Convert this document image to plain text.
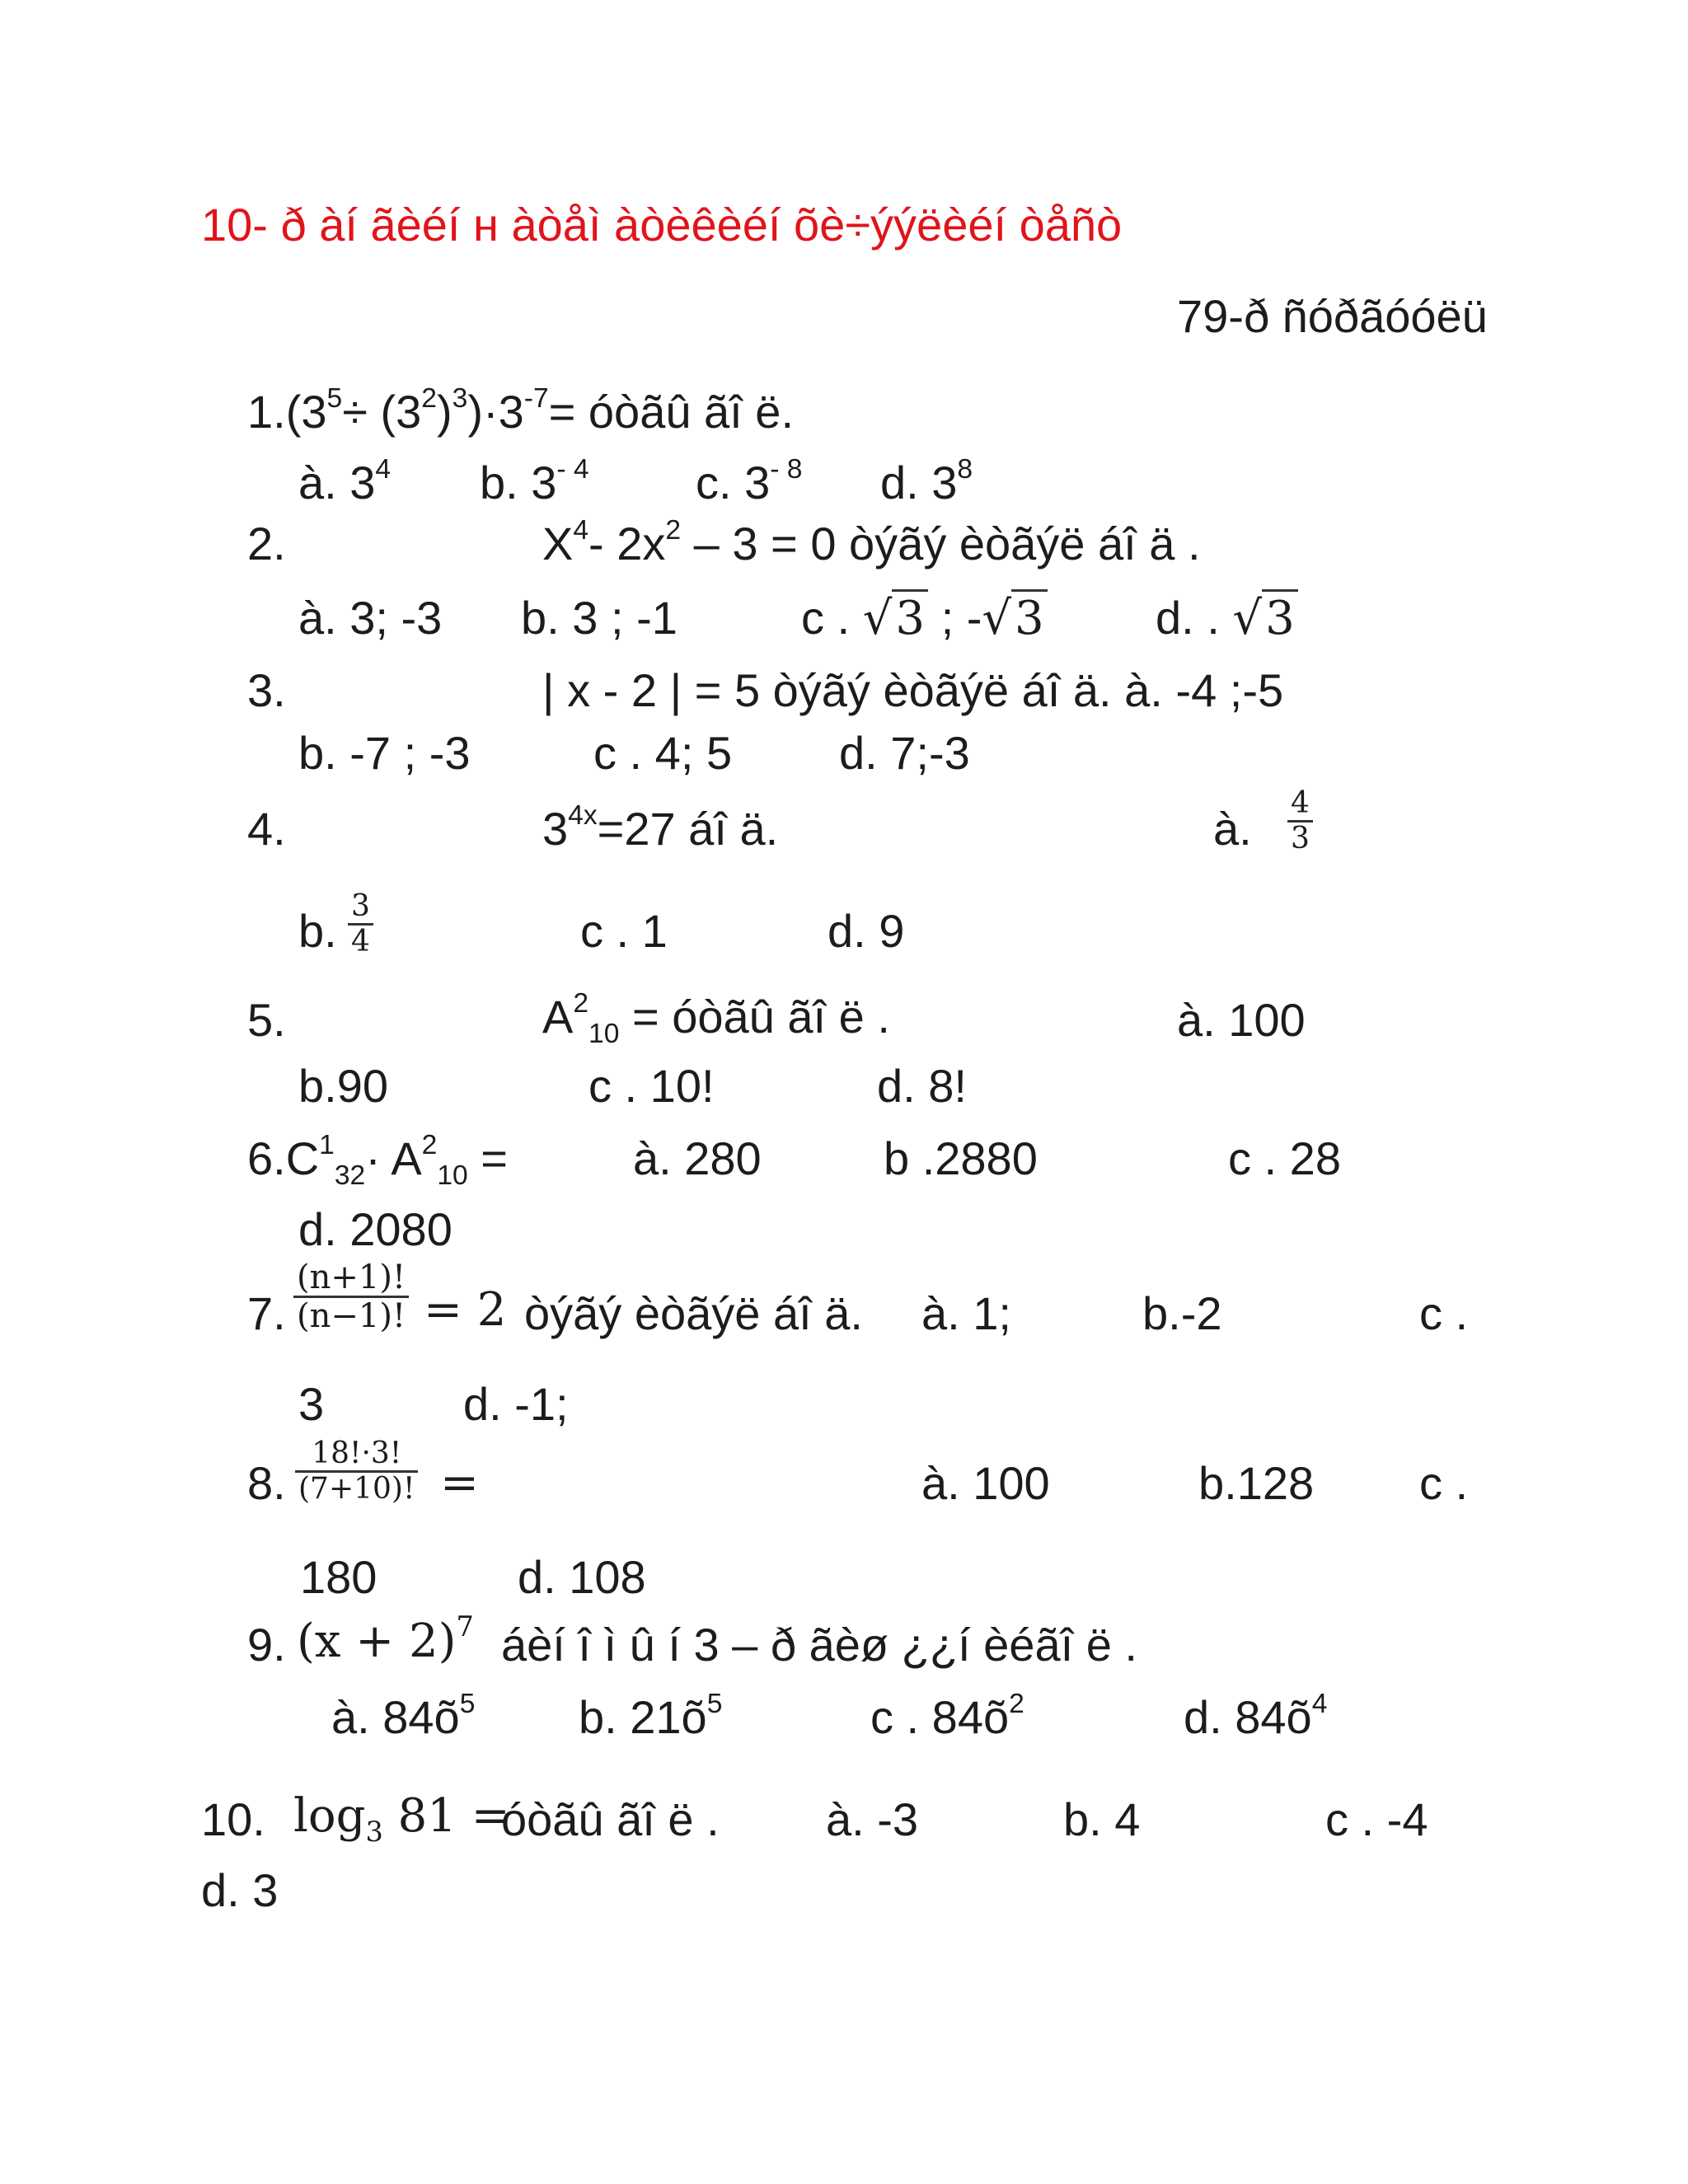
10- ð àí ãèéí н àòåì àòèêèéí õè÷ýýëèéí òåñò
79-ð ñóðãóóëü
$1.(3^5\div (3^2)^3)\cdot 3^{-7}=$ óòãû ãî ë.
à. $3^4$ b. $3^{- 4}$ c. $3^{- 8}$ d. $3^8$
2.	$X^4-$ $2x^2 - 3 = 0$ òýãý èòãýë áî ä .
à. 3; -3 b. 3 ; -1	c . √3 ; -√3 d. . √3
3.	| x - 2 | = 5 òýãý èòãýë áî ä. à. -4 ;-5
b. -7 ; -3	c . 4; 5 d. 7;-3
4.	$3^{4x}=27$ áî ä.	à. $\frac{4}{3}$
b. $\frac{3}{4}$	c . 1	d. 9
5.	$A^2_{10}$ = óòãû ãî ë .	à. 100
b.90	c . 10!	d. 8!
$6.C^1_{32}\cdot A^2_{10}$ =	à. 280	b .2880	c . 28
d. 2080
7. $\frac{(n+1)!}{(n-1)!} = 2$ òýãý èòãýë áî ä. à. 1;	b.-2	c .
3	d. -1;
8. $\frac{18!\cdot 3!}{(7+10)!}$ =	à. 100	b.128 c .
180	d. 108
9. $(x + 2)^7$ áèí î ì û í 3 – ð ãèø ¿¿í èéãî ë .
à. $84õ^5$ b. $21õ^5$	c . $84õ^2$	d. $84õ^4$
10. $\log_3 81$ =
óòãû ãî ë . à. -3	b. 4	c . -4
d. 3
